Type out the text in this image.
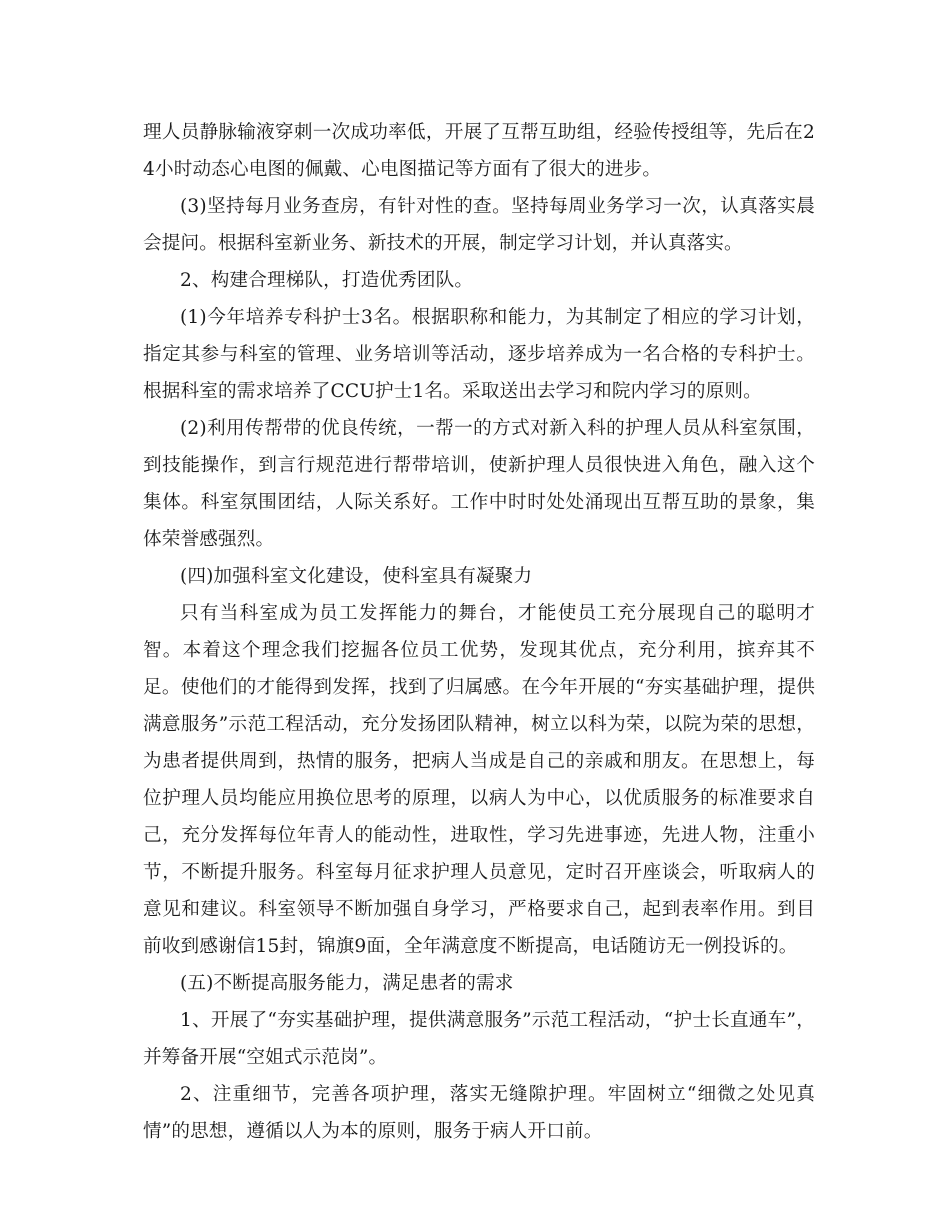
理人员静脉输液穿刺一次成功率低，开展了互帮互助组，经验传授组等，先后在24小时动态心电图的佩戴、心电图描记等方面有了很大的进步。

(3)坚持每月业务查房，有针对性的查。坚持每周业务学习一次，认真落实晨会提问。根据科室新业务、新技术的开展，制定学习计划，并认真落实。

2、构建合理梯队，打造优秀团队。

(1)今年培养专科护士3名。根据职称和能力，为其制定了相应的学习计划，指定其参与科室的管理、业务培训等活动，逐步培养成为一名合格的专科护士。根据科室的需求培养了CCU护士1名。采取送出去学习和院内学习的原则。

(2)利用传帮带的优良传统，一帮一的方式对新入科的护理人员从科室氛围，到技能操作，到言行规范进行帮带培训，使新护理人员很快进入角色，融入这个集体。科室氛围团结，人际关系好。工作中时时处处涌现出互帮互助的景象，集体荣誉感强烈。

(四)加强科室文化建设，使科室具有凝聚力

只有当科室成为员工发挥能力的舞台，才能使员工充分展现自己的聪明才智。本着这个理念我们挖掘各位员工优势，发现其优点，充分利用，摈弃其不足。使他们的才能得到发挥，找到了归属感。在今年开展的“夯实基础护理，提供满意服务”示范工程活动，充分发扬团队精神，树立以科为荣，以院为荣的思想，为患者提供周到，热情的服务，把病人当成是自己的亲戚和朋友。在思想上，每位护理人员均能应用换位思考的原理，以病人为中心，以优质服务的标准要求自己，充分发挥每位年青人的能动性，进取性，学习先进事迹，先进人物，注重小节，不断提升服务。科室每月征求护理人员意见，定时召开座谈会，听取病人的意见和建议。科室领导不断加强自身学习，严格要求自己，起到表率作用。到目前收到感谢信15封，锦旗9面，全年满意度不断提高，电话随访无一例投诉的。

(五)不断提高服务能力，满足患者的需求

1、开展了“夯实基础护理，提供满意服务”示范工程活动，“护士长直通车”，并筹备开展“空姐式示范岗”。

2、注重细节，完善各项护理，落实无缝隙护理。牢固树立“细微之处见真情”的思想，遵循以人为本的原则，服务于病人开口前。
